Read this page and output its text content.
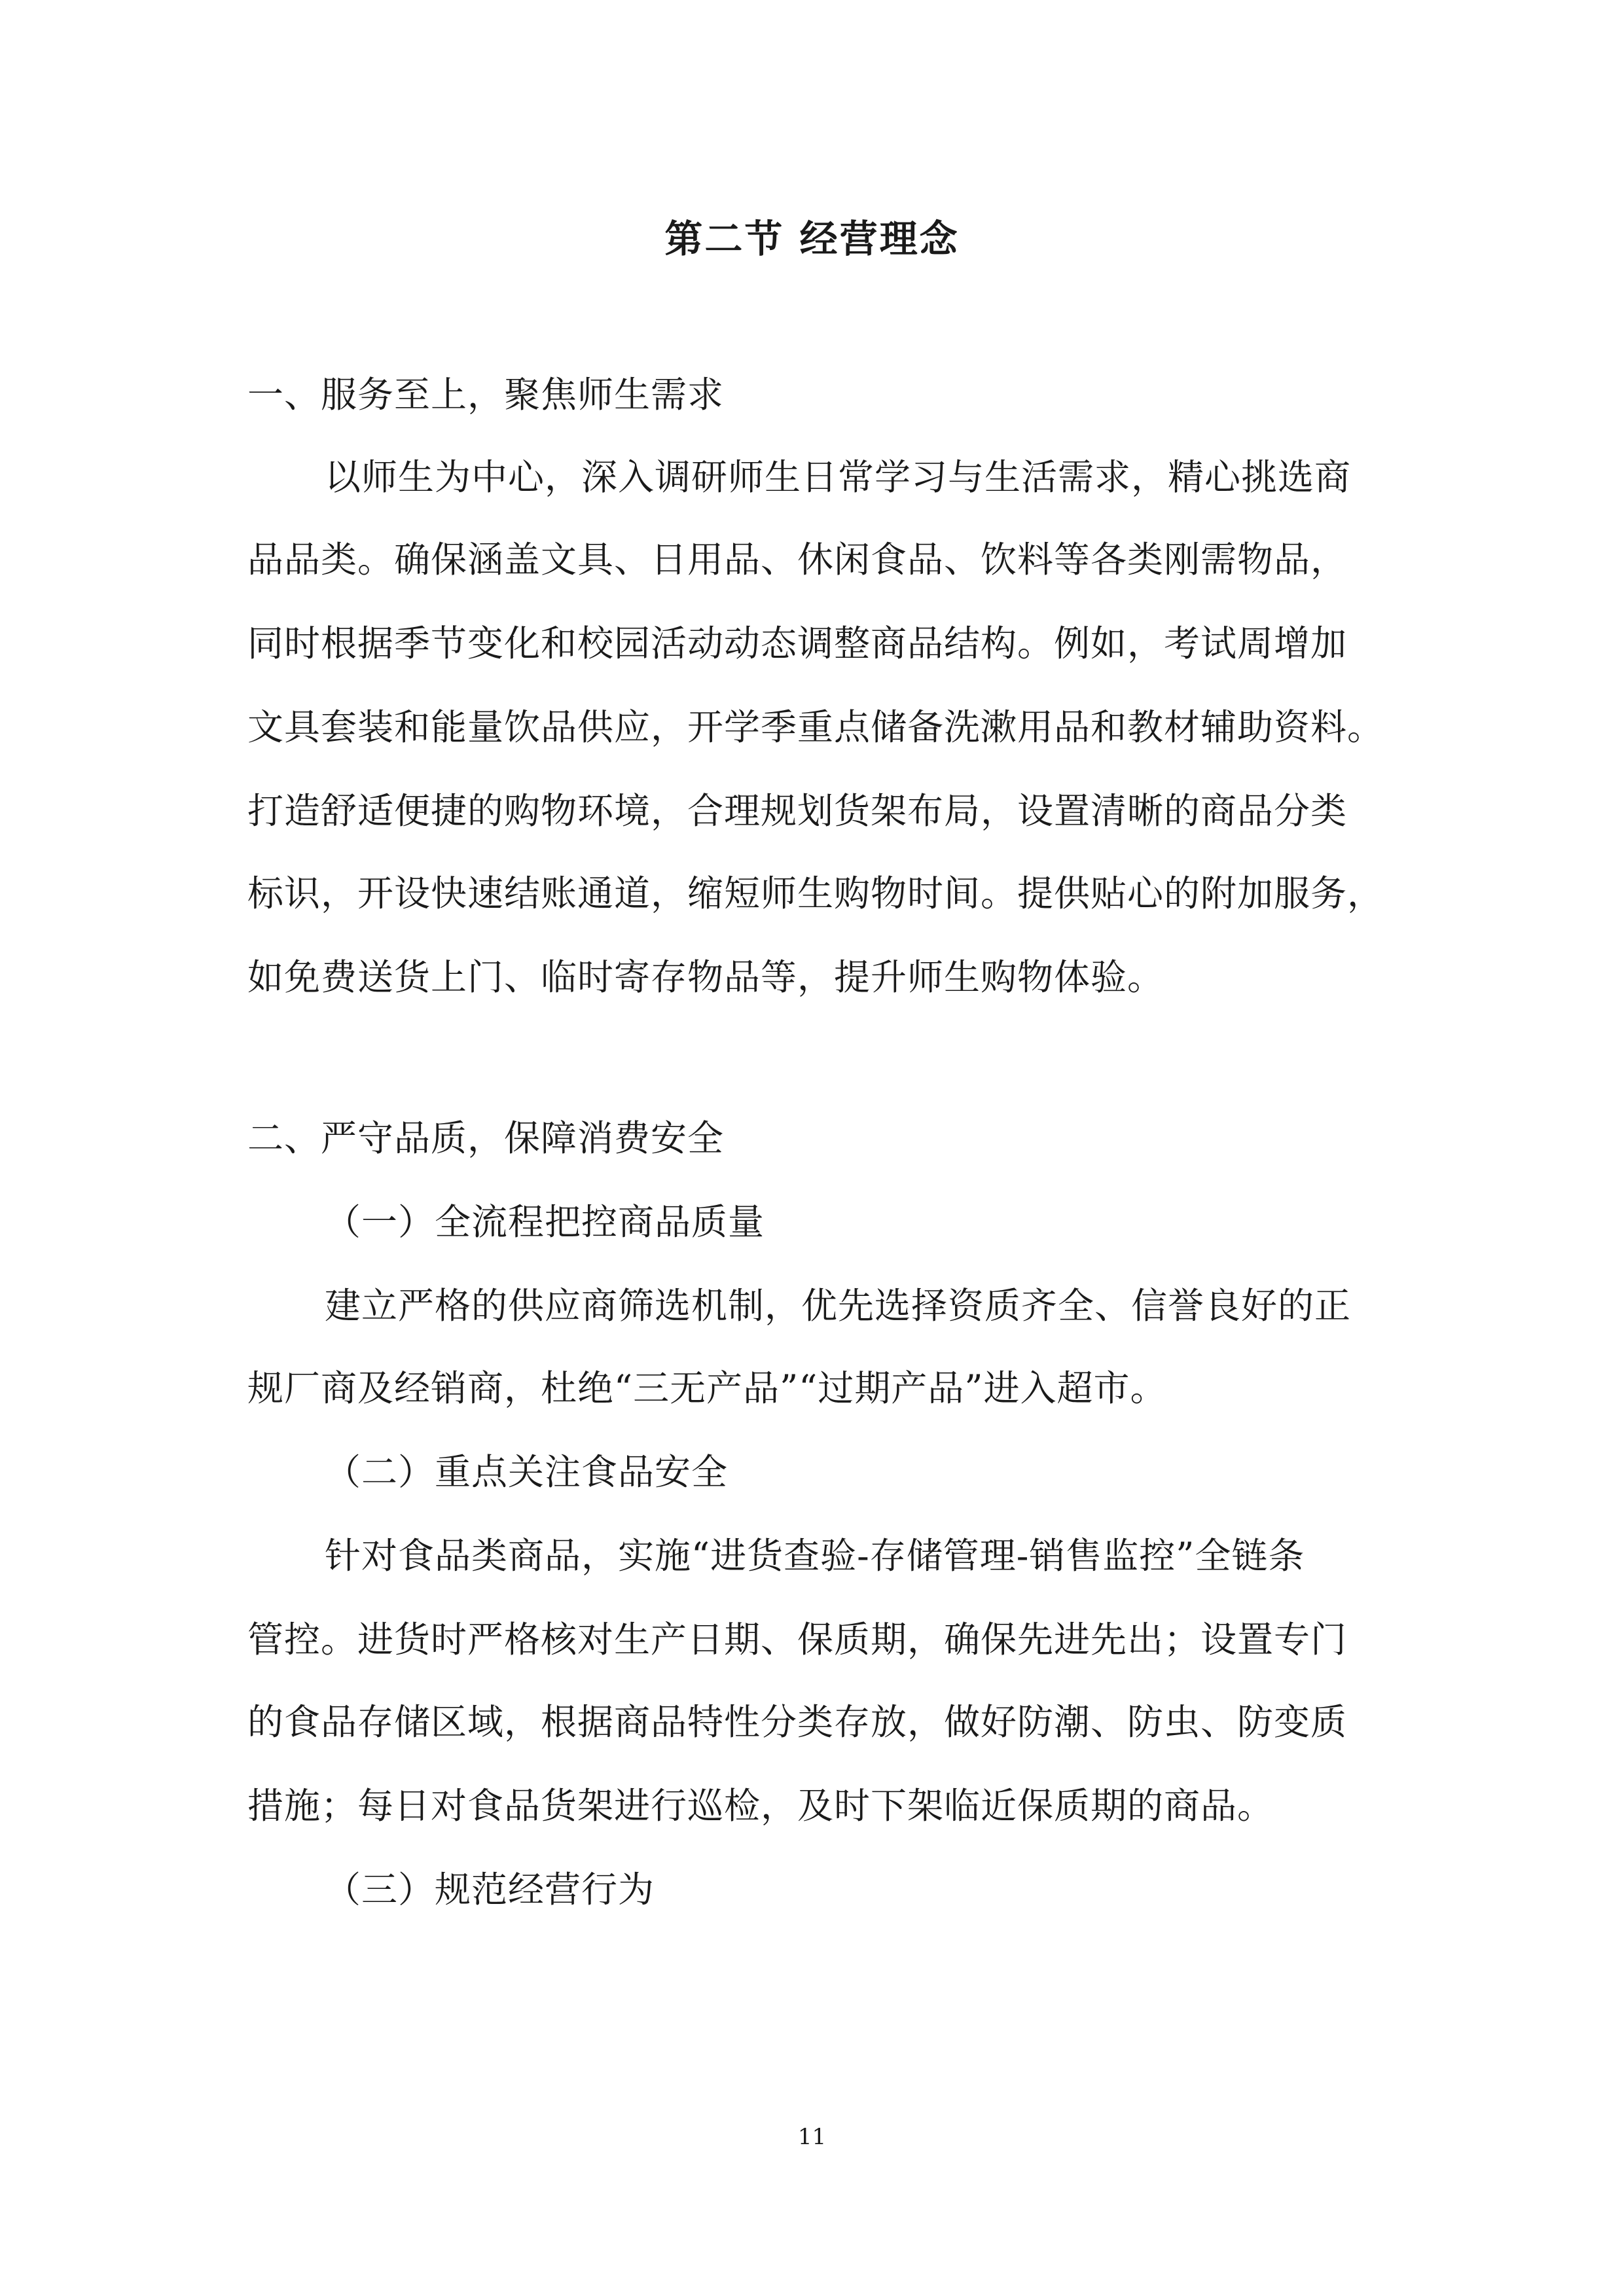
第二节 经营理念
一、服务至上，聚焦师生需求
以师生为中心，深入调研师生日常学习与生活需求，精心挑选商
品品类。确保涵盖文具、日用品、休闲食品、饮料等各类刚需物品，
同时根据季节变化和校园活动动态调整商品结构。例如，考试周增加
文具套装和能量饮品供应，开学季重点储备洗漱用品和教材辅助资料。
打造舒适便捷的购物环境，合理规划货架布局，设置清晰的商品分类
标识，开设快速结账通道，缩短师生购物时间。提供贴心的附加服务，
如免费送货上门、临时寄存物品等，提升师生购物体验。
二、严守品质，保障消费安全
（一）全流程把控商品质量
建立严格的供应商筛选机制，优先选择资质齐全、信誉良好的正
规厂商及经销商，杜绝“三无产品”“过期产品”进入超市。
（二）重点关注食品安全
针对食品类商品，实施“进货查验-存储管理-销售监控”全链条
管控。进货时严格核对生产日期、保质期，确保先进先出；设置专门
的食品存储区域，根据商品特性分类存放，做好防潮、防虫、防变质
措施；每日对食品货架进行巡检，及时下架临近保质期的商品。
（三）规范经营行为
11
